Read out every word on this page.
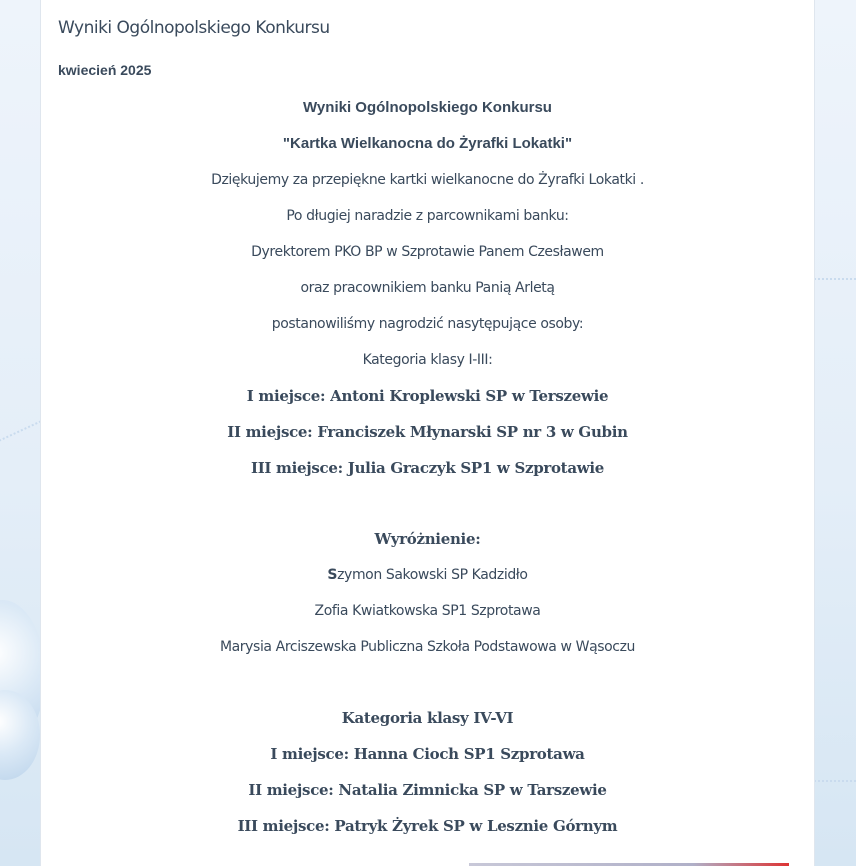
Wyniki Ogólnopolskiego Konkursu
kwiecień 2025
Wyniki Ogólnopolskiego Konkursu
"Kartka Wielkanocna do Żyrafki Lokatki"
Dziękujemy za przepiękne kartki wielkanocne do Żyrafki Lokatki .
Po długiej naradzie z parcownikami banku:
Dyrektorem PKO BP w Szprotawie Panem Czesławem
oraz pracownikiem banku Panią Arletą
postanowiliśmy nagrodzić nasytępujące osoby:
Kategoria klasy I-III:
I miejsce: Antoni Kroplewski SP w Terszewie
II miejsce: Franciszek Młynarski SP nr 3 w Gubin
III miejsce: Julia Graczyk SP1 w Szprotawie
Wyróżnienie:
Szymon Sakowski SP Kadzidło
Zofia Kwiatkowska SP1 Szprotawa
Marysia Arciszewska Publiczna Szkoła Podstawowa w Wąsoczu
Kategoria klasy IV-VI
I miejsce: Hanna Cioch SP1 Szprotawa
II miejsce: Natalia Zimnicka SP w Tarszewie
III miejsce: Patryk Żyrek SP w Lesznie Górnym
